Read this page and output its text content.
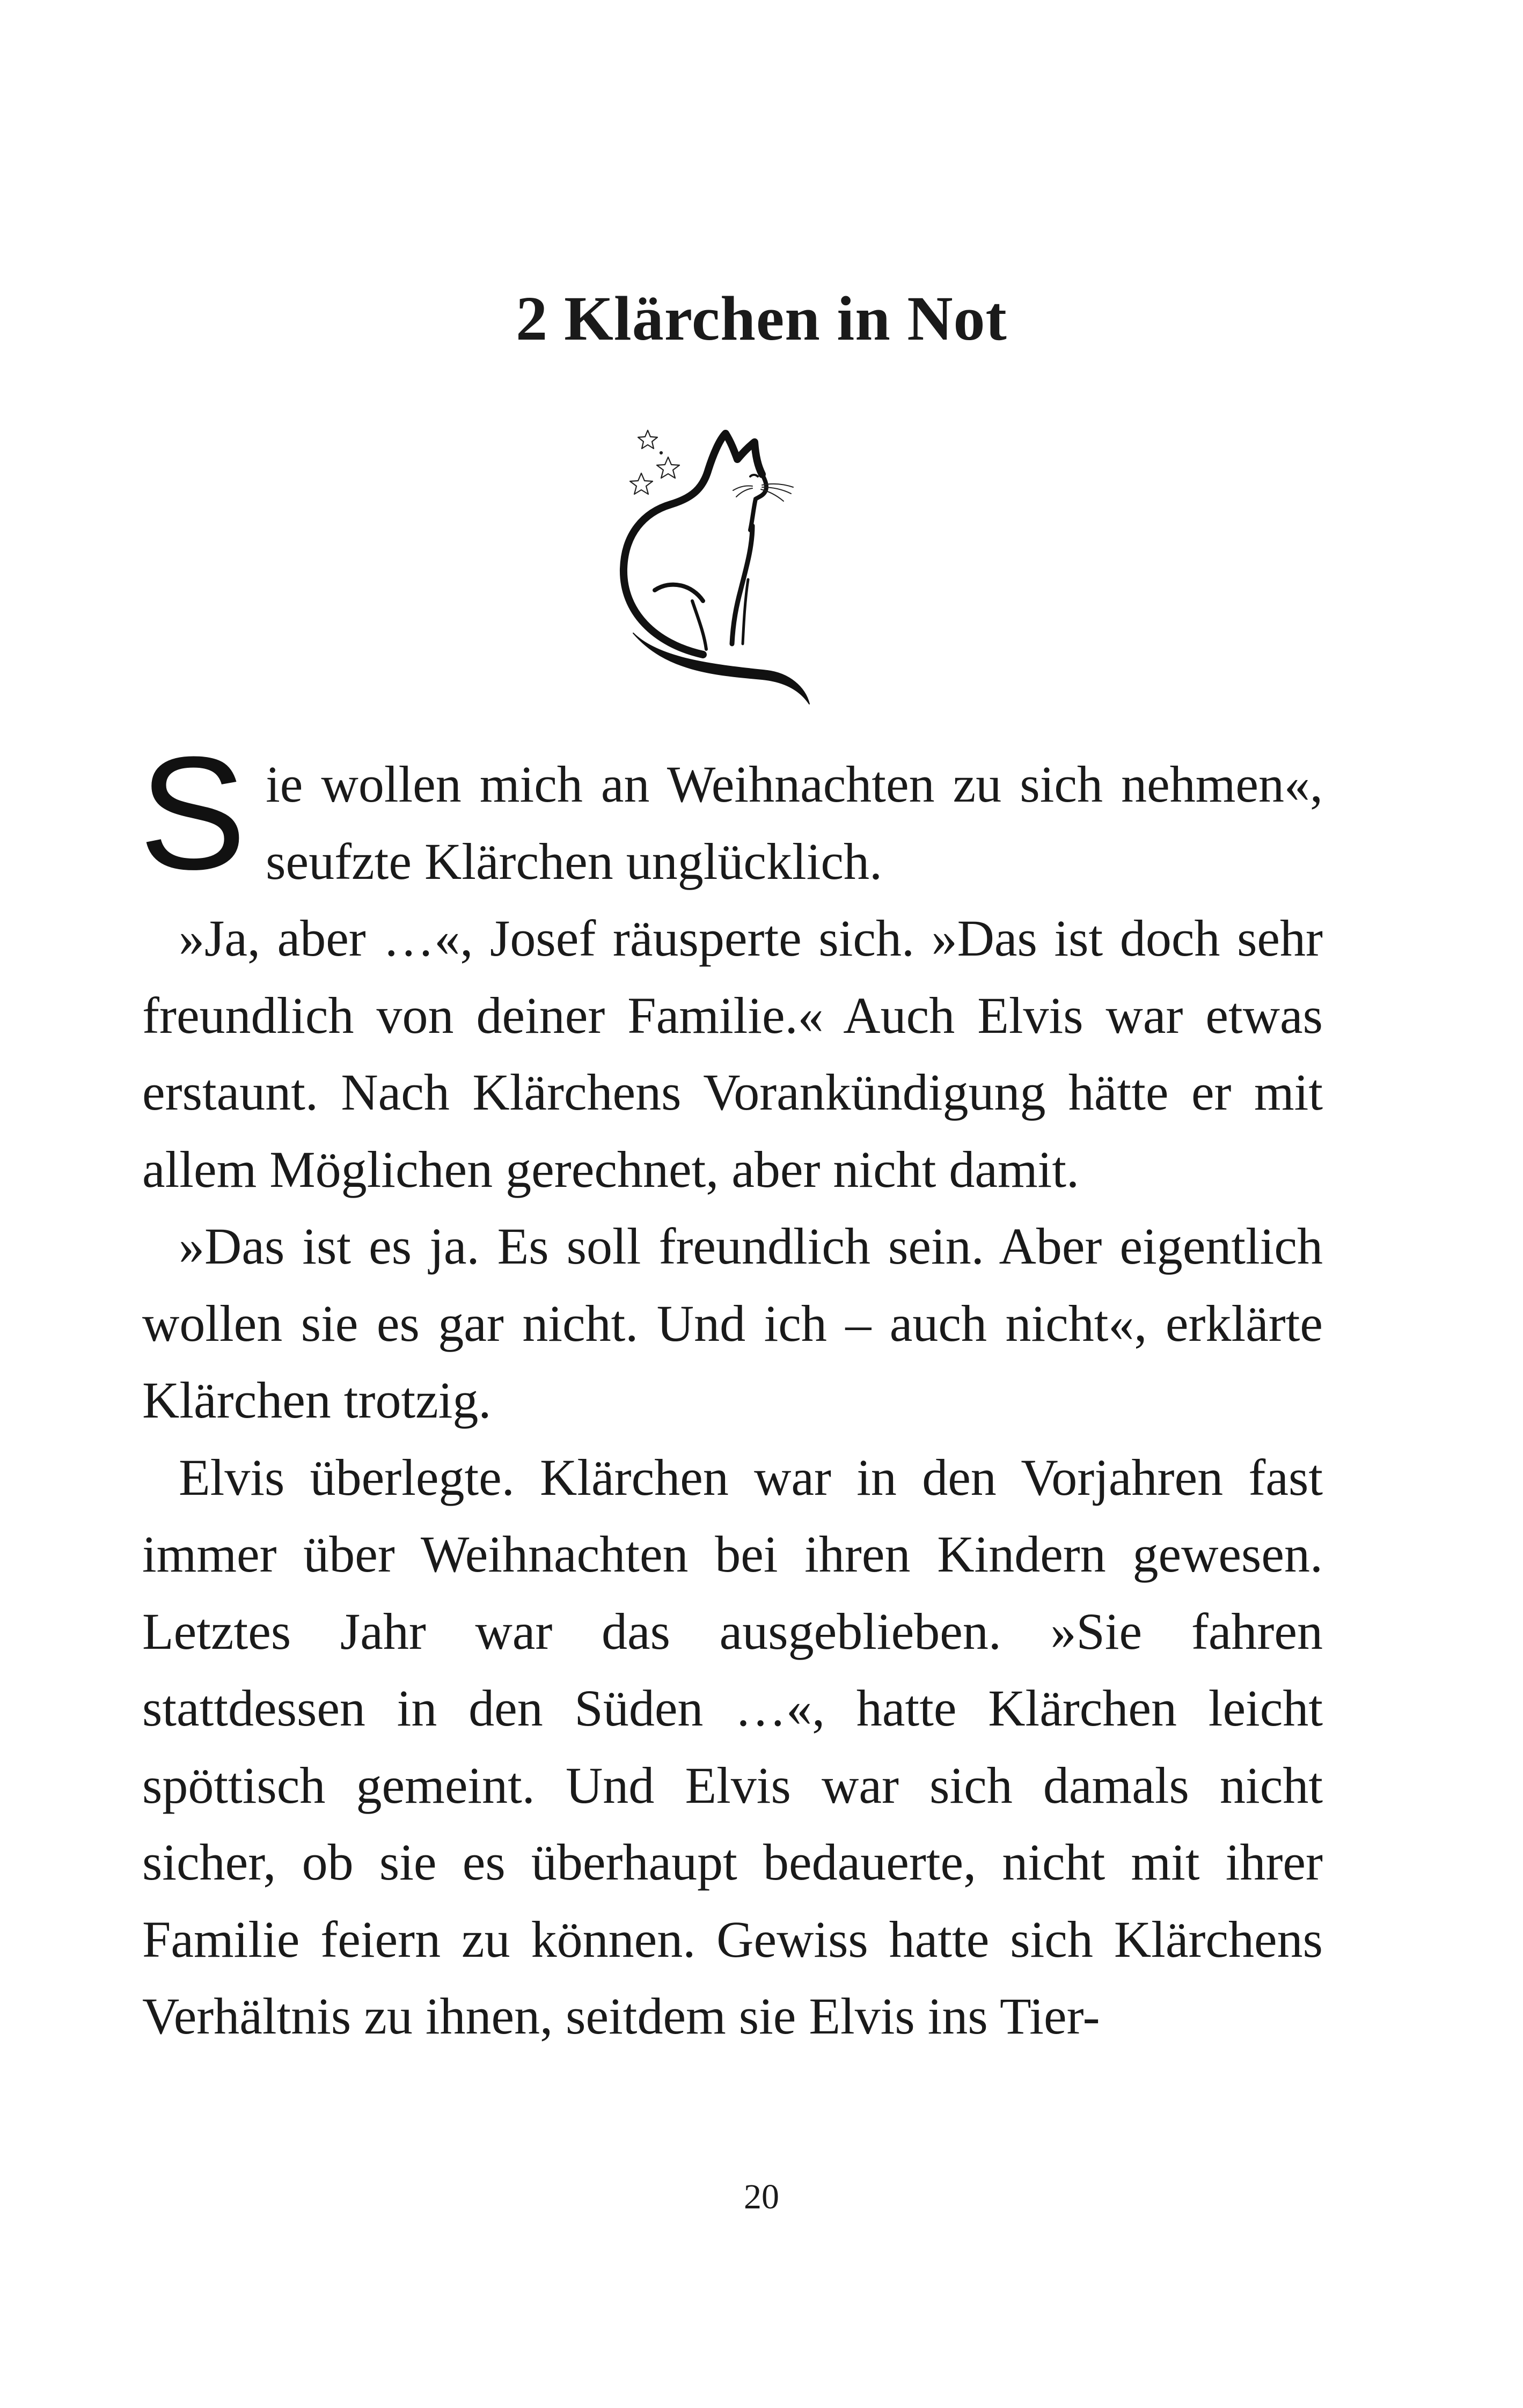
2 Klärchen in Not

Sie wollen mich an Weihnachten zu sich nehmen«, seufzte Klärchen unglücklich.

»Ja, aber …«, Josef räusperte sich. »Das ist doch sehr freundlich von deiner Familie.« Auch Elvis war etwas erstaunt. Nach Klärchens Vorankündigung hätte er mit allem Möglichen gerechnet, aber nicht damit.

»Das ist es ja. Es soll freundlich sein. Aber eigentlich wollen sie es gar nicht. Und ich – auch nicht«, erklärte Klärchen trotzig.

Elvis überlegte. Klärchen war in den Vorjahren fast immer über Weihnachten bei ihren Kindern gewesen. Letztes Jahr war das ausgeblieben. »Sie fahren stattdessen in den Süden …«, hatte Klärchen leicht spöttisch gemeint. Und Elvis war sich damals nicht sicher, ob sie es überhaupt bedauerte, nicht mit ihrer Familie feiern zu können. Gewiss hatte sich Klärchens Verhältnis zu ihnen, seitdem sie Elvis ins Tier-

20
